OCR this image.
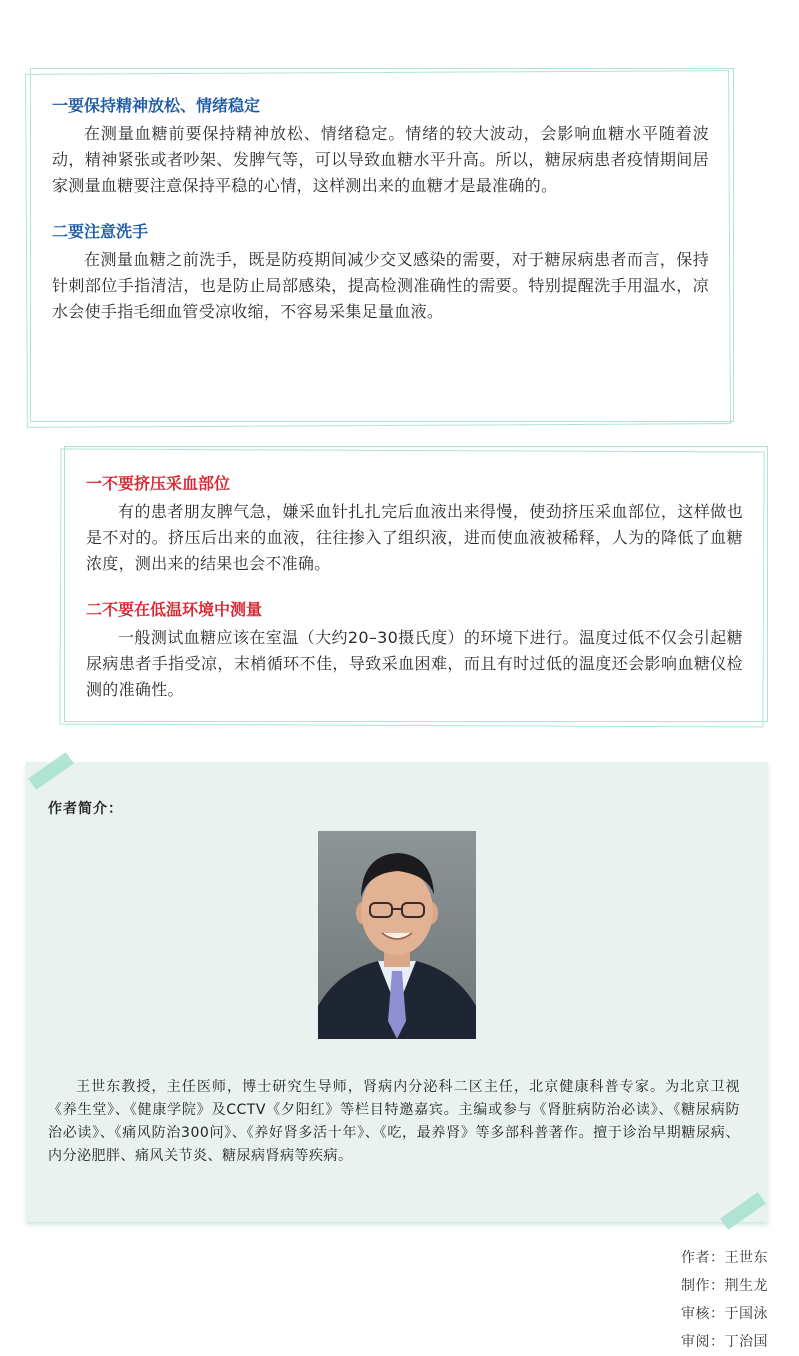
一要保持精神放松、情绪稳定

在测量血糖前要保持精神放松、情绪稳定。情绪的较大波动，会影响血糖水平随着波动，精神紧张或者吵架、发脾气等，可以导致血糖水平升高。所以，糖尿病患者疫情期间居家测量血糖要注意保持平稳的心情，这样测出来的血糖才是最准确的。

二要注意洗手

在测量血糖之前洗手，既是防疫期间减少交叉感染的需要，对于糖尿病患者而言，保持针刺部位手指清洁，也是防止局部感染，提高检测准确性的需要。特别提醒洗手用温水，凉水会使手指毛细血管受凉收缩，不容易采集足量血液。

一不要挤压采血部位

有的患者朋友脾气急，嫌采血针扎扎完后血液出来得慢，使劲挤压采血部位，这样做也是不对的。挤压后出来的血液，往往掺入了组织液，进而使血液被稀释，人为的降低了血糖浓度，测出来的结果也会不准确。

二不要在低温环境中测量

一般测试血糖应该在室温（大约20–30摄氏度）的环境下进行。温度过低不仅会引起糖尿病患者手指受凉，末梢循环不佳，导致采血困难，而且有时过低的温度还会影响血糖仪检测的准确性。

作者简介：

王世东教授，主任医师，博士研究生导师，肾病内分泌科二区主任，北京健康科普专家。为北京卫视《养生堂》、《健康学院》及CCTV《夕阳红》等栏目特邀嘉宾。主编或参与《肾脏病防治必读》、《糖尿病防治必读》、《痛风防治300问》、《养好肾多活十年》、《吃，最养肾》等多部科普著作。擅于诊治早期糖尿病、内分泌肥胖、痛风关节炎、糖尿病肾病等疾病。

作者：王世东
制作：荆生龙
审核：于国泳
审阅：丁治国
